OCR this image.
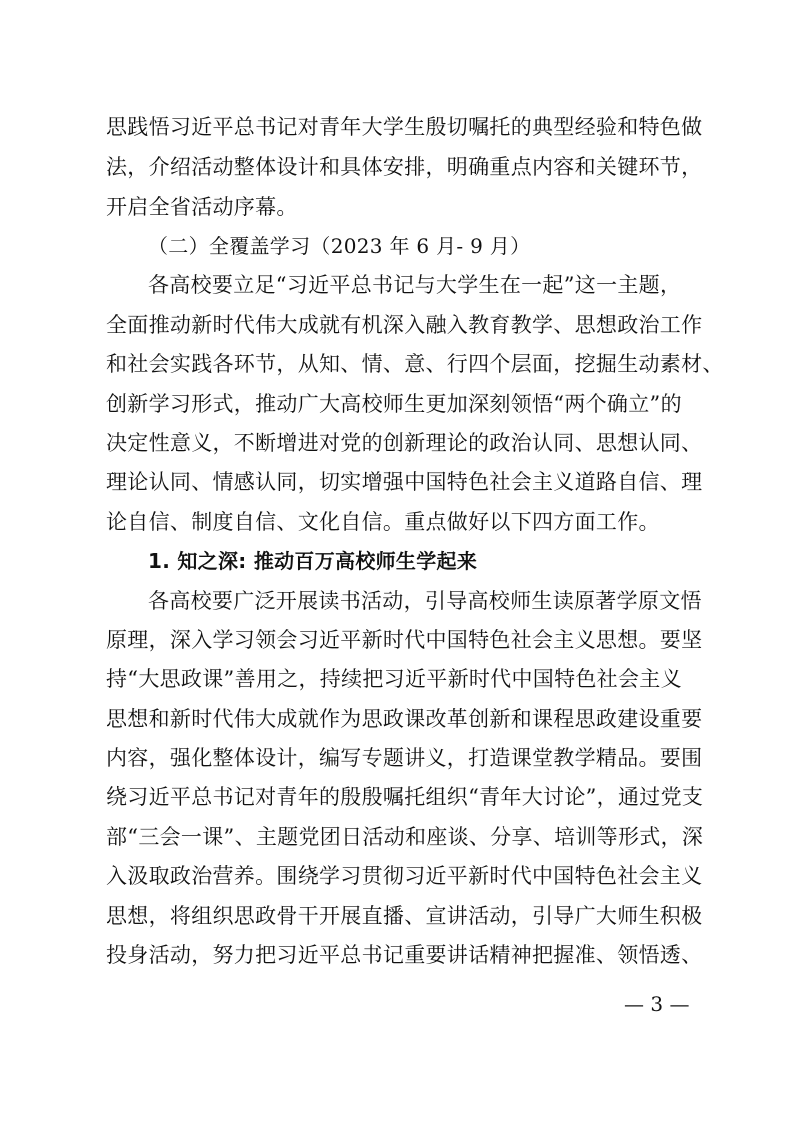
思践悟习近平总书记对青年大学生殷切嘱托的典型经验和特色做
法，介绍活动整体设计和具体安排，明确重点内容和关键环节，
开启全省活动序幕。
（二）全覆盖学习（2023 年 6 月- 9 月）
各高校要立足“习近平总书记与大学生在一起”这一主题，
全面推动新时代伟大成就有机深入融入教育教学、思想政治工作
和社会实践各环节，从知、情、意、行四个层面，挖掘生动素材、
创新学习形式，推动广大高校师生更加深刻领悟“两个确立”的
决定性意义，不断增进对党的创新理论的政治认同、思想认同、
理论认同、情感认同，切实增强中国特色社会主义道路自信、理
论自信、制度自信、文化自信。重点做好以下四方面工作。
1. 知之深: 推动百万高校师生学起来
各高校要广泛开展读书活动，引导高校师生读原著学原文悟
原理，深入学习领会习近平新时代中国特色社会主义思想。要坚
持“大思政课”善用之，持续把习近平新时代中国特色社会主义
思想和新时代伟大成就作为思政课改革创新和课程思政建设重要
内容，强化整体设计，编写专题讲义，打造课堂教学精品。要围
绕习近平总书记对青年的殷殷嘱托组织“青年大讨论”，通过党支
部“三会一课”、主题党团日活动和座谈、分享、培训等形式，深
入汲取政治营养。围绕学习贯彻习近平新时代中国特色社会主义
思想，将组织思政骨干开展直播、宣讲活动，引导广大师生积极
投身活动，努力把习近平总书记重要讲话精神把握准、领悟透、
— 3 —
